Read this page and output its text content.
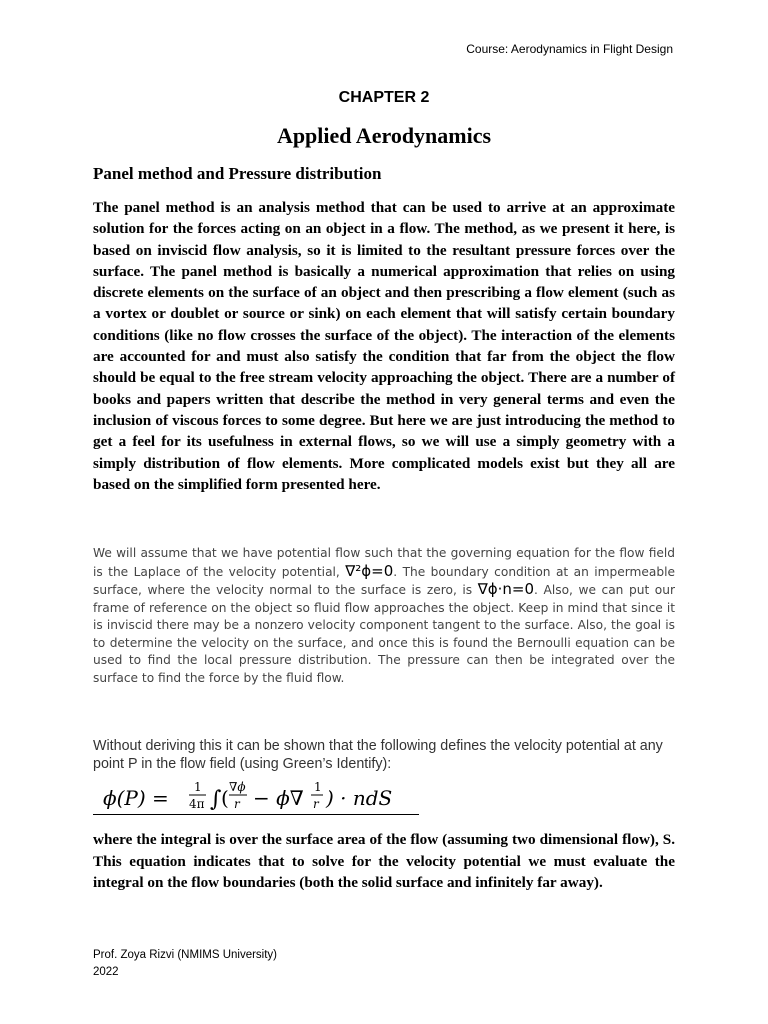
Course: Aerodynamics in Flight Design
CHAPTER 2
Applied Aerodynamics
Panel method and Pressure distribution

The panel method is an analysis method that can be used to arrive at an approximate solution for the forces acting on an object in a flow. The method, as we present it here, is based on inviscid flow analysis, so it is limited to the resultant pressure forces over the surface. The panel method is basically a numerical approximation that relies on using discrete elements on the surface of an object and then prescribing a flow element (such as a vortex or doublet or source or sink) on each element that will satisfy certain boundary conditions (like no flow crosses the surface of the object). The interaction of the elements are accounted for and must also satisfy the condition that far from the object the flow should be equal to the free stream velocity approaching the object. There are a number of books and papers written that describe the method in very general terms and even the inclusion of viscous forces to some degree. But here we are just introducing the method to get a feel for its usefulness in external flows, so we will use a simply geometry with a simply distribution of flow elements. More complicated models exist but they all are based on the simplified form presented here.

We will assume that we have potential flow such that the governing equation for the flow field is the Laplace of the velocity potential, ∇²ϕ=0. The boundary condition at an impermeable surface, where the velocity normal to the surface is zero, is ∇ϕ·n=0. Also, we can put our frame of reference on the object so fluid flow approaches the object. Keep in mind that since it is inviscid there may be a nonzero velocity component tangent to the surface. Also, the goal is to determine the velocity on the surface, and once this is found the Bernoulli equation can be used to find the local pressure distribution. The pressure can then be integrated over the surface to find the force by the fluid flow.

Without deriving this it can be shown that the following defines the velocity potential at any point P in the flow field (using Green’s Identify):

ϕ(P) = 1
4π ∫ ( ∇ϕ
r − ϕ∇ 1
r ) · ndS

where the integral is over the surface area of the flow (assuming two dimensional flow), S. This equation indicates that to solve for the velocity potential we must evaluate the integral on the flow boundaries (both the solid surface and infinitely far away).

Prof. Zoya Rizvi (NMIMS University)
2022
